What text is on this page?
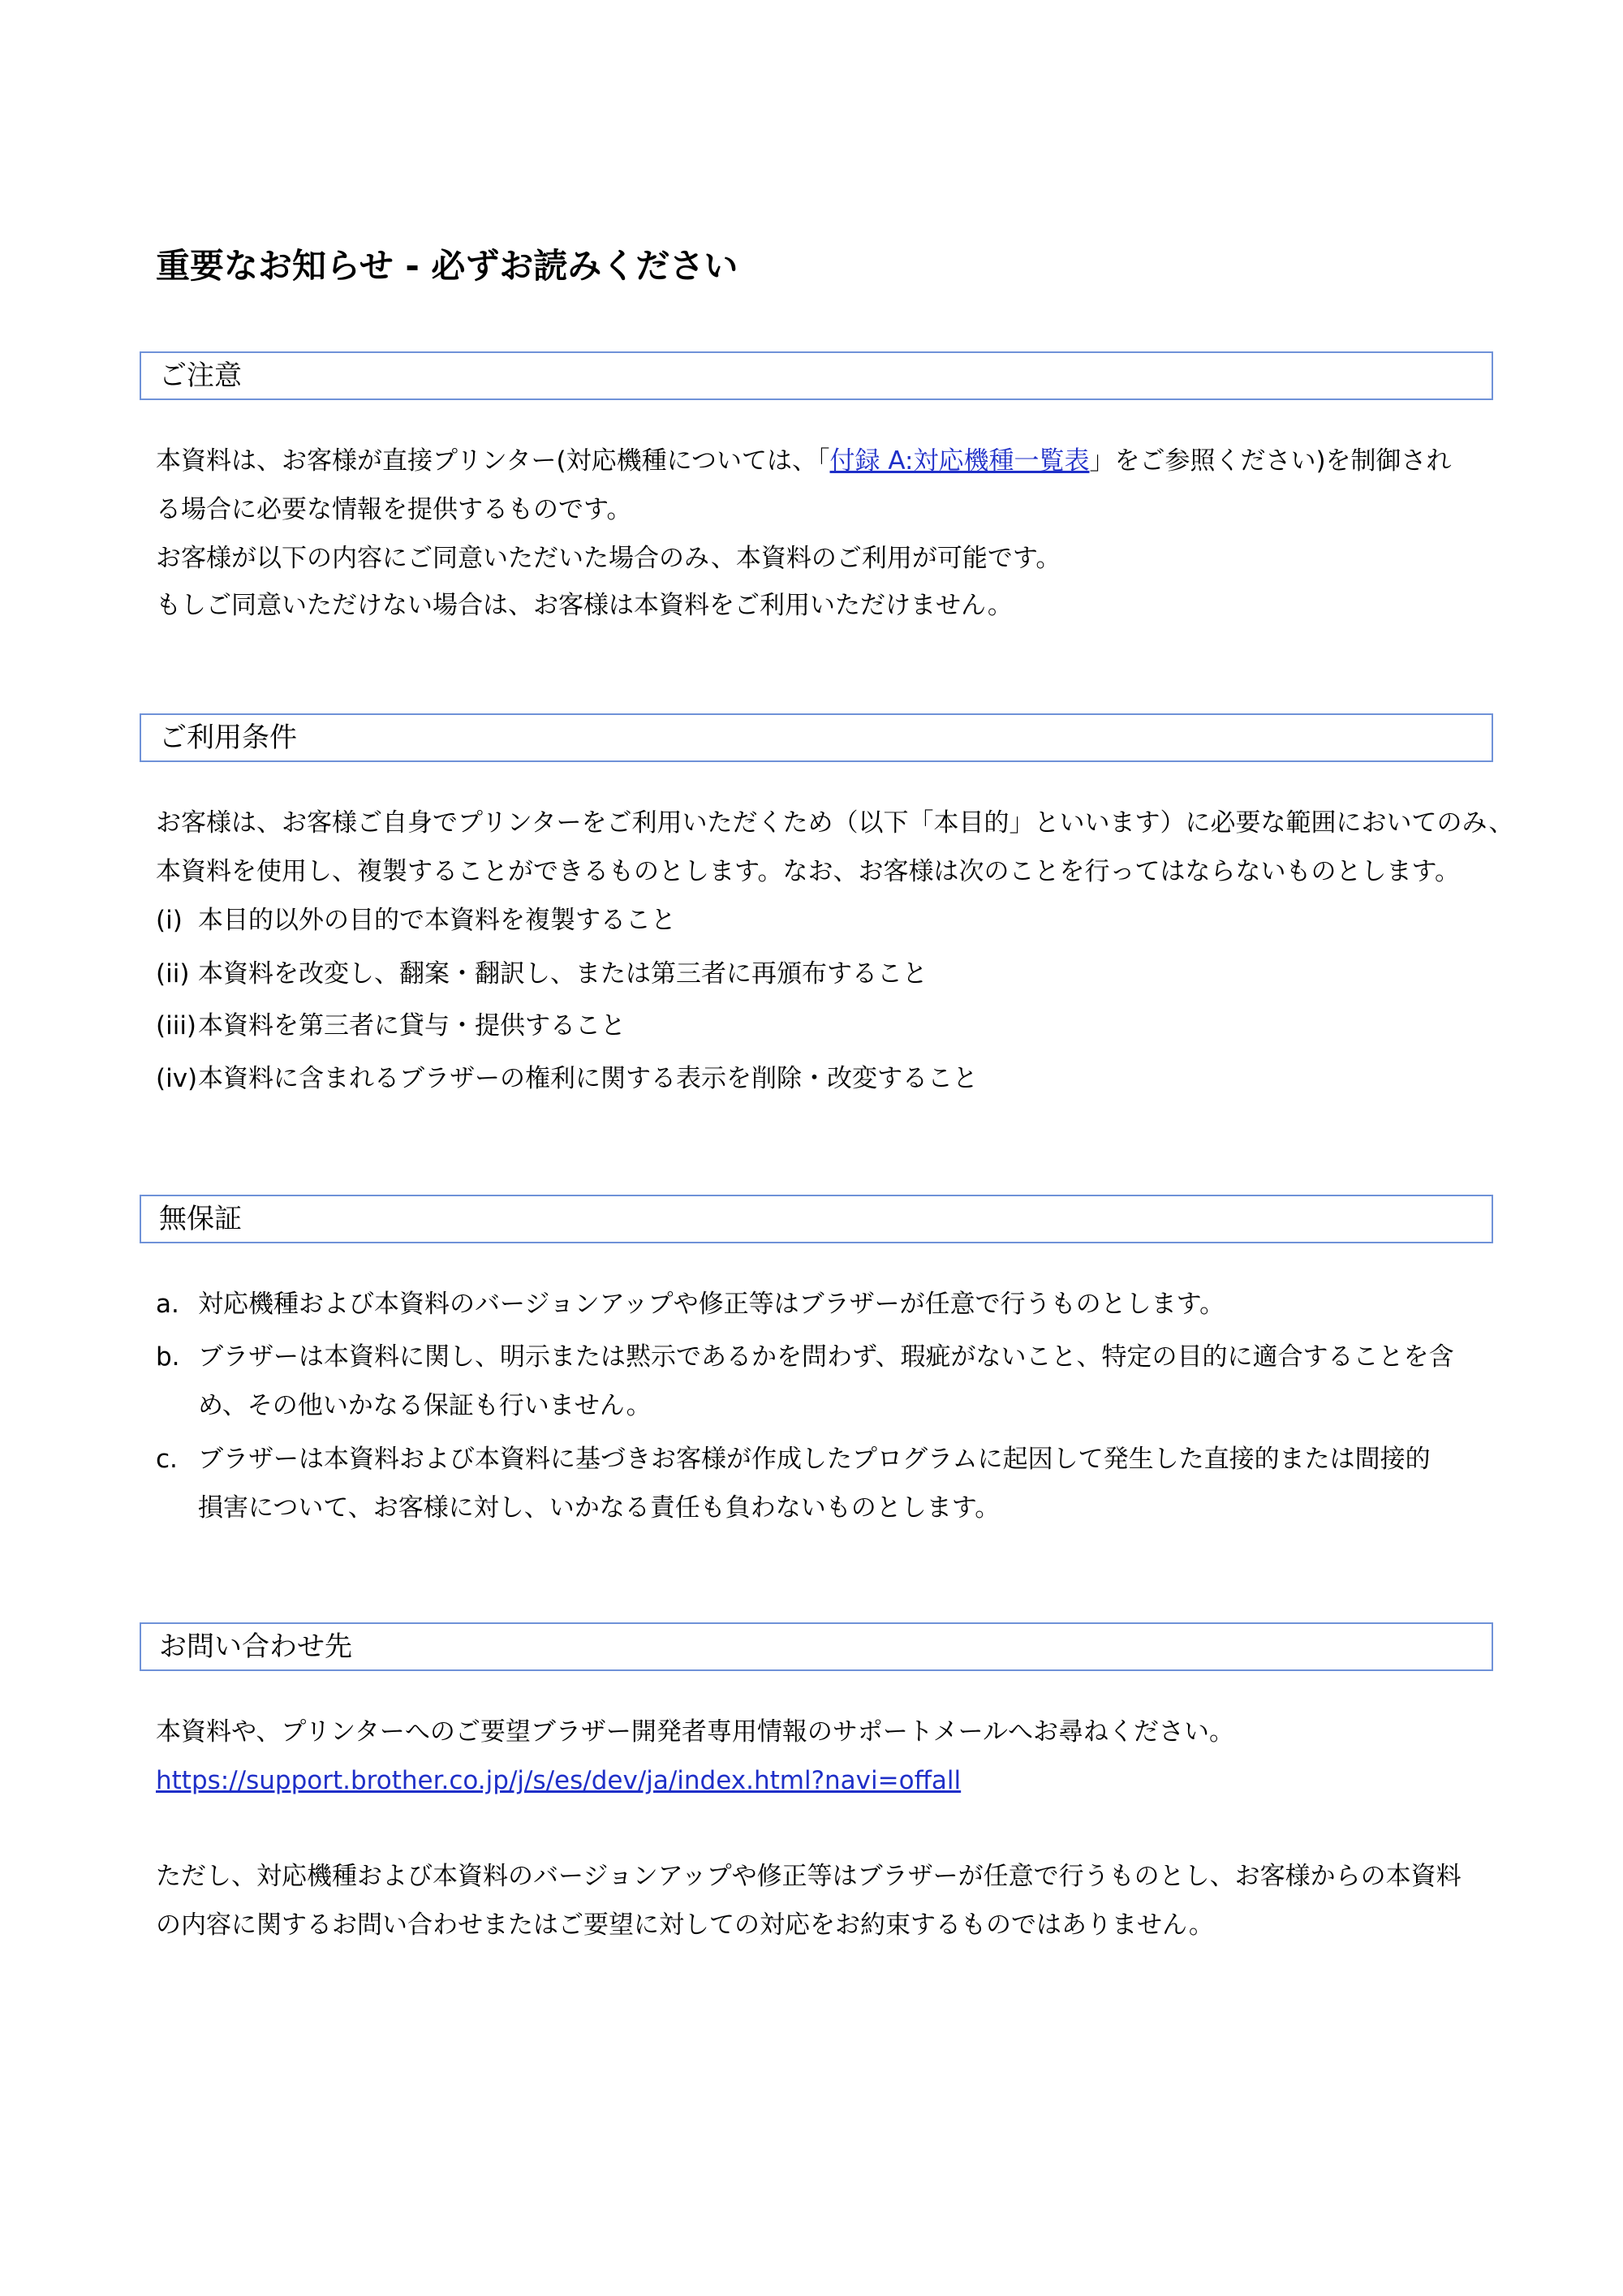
重要なお知らせ - 必ずお読みください
ご注意
本資料は、お客様が直接プリンター(対応機種については、「付録 A:対応機種一覧表」をご参照ください)を制御され
る場合に必要な情報を提供するものです。
お客様が以下の内容にご同意いただいた場合のみ、本資料のご利用が可能です。
もしご同意いただけない場合は、お客様は本資料をご利用いただけません。
ご利用条件
お客様は、お客様ご自身でプリンターをご利用いただくため（以下「本目的」といいます）に必要な範囲においてのみ、
本資料を使用し、複製することができるものとします。なお、お客様は次のことを行ってはならないものとします。
(i) 本目的以外の目的で本資料を複製すること
(ii) 本資料を改変し、翻案・翻訳し、または第三者に再頒布すること
(iii) 本資料を第三者に貸与・提供すること
(iv) 本資料に含まれるブラザーの権利に関する表示を削除・改変すること
無保証
a. 対応機種および本資料のバージョンアップや修正等はブラザーが任意で行うものとします。
b. ブラザーは本資料に関し、明示または黙示であるかを問わず、瑕疵がないこと、特定の目的に適合することを含
め、その他いかなる保証も行いません。
c. ブラザーは本資料および本資料に基づきお客様が作成したプログラムに起因して発生した直接的または間接的
損害について、お客様に対し、いかなる責任も負わないものとします。
お問い合わせ先
本資料や、プリンターへのご要望ブラザー開発者専用情報のサポートメールへお尋ねください。
https://support.brother.co.jp/j/s/es/dev/ja/index.html?navi=offall
ただし、対応機種および本資料のバージョンアップや修正等はブラザーが任意で行うものとし、お客様からの本資料
の内容に関するお問い合わせまたはご要望に対しての対応をお約束するものではありません。
